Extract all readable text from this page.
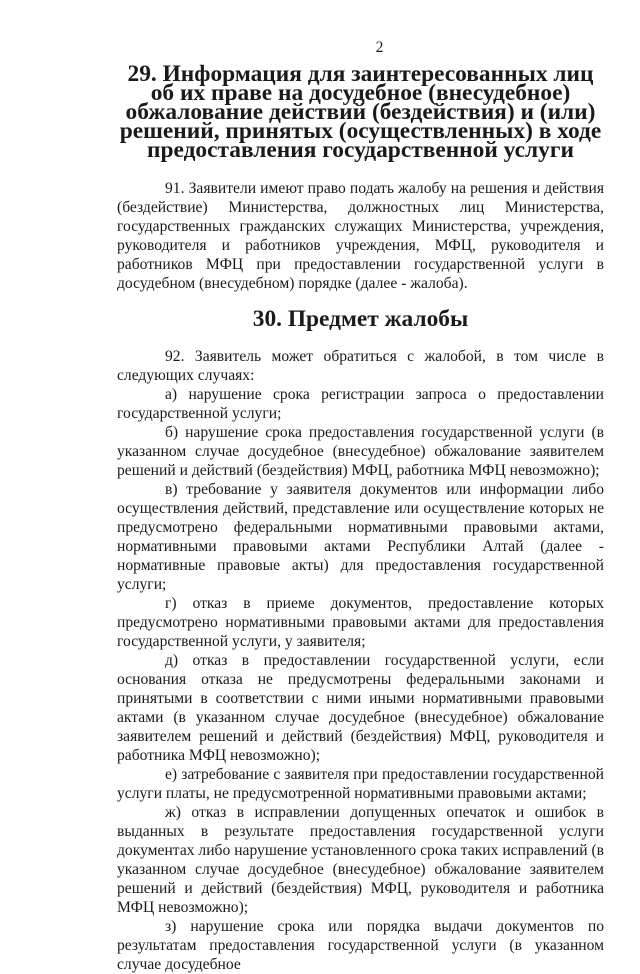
2
29. Информация для заинтересованных лиц об их праве на досудебное (внесудебное) обжалование действий (бездействия) и (или) решений, принятых (осуществленных) в ходе предоставления государственной услуги

91. Заявители имеют право подать жалобу на решения и действия (бездействие) Министерства, должностных лиц Министерства, государственных гражданских служащих Министерства, учреждения, руководителя и работников учреждения, МФЦ, руководителя и работников МФЦ при предоставлении государственной услуги в досудебном (внесудебном) порядке (далее - жалоба).

30. Предмет жалобы

92. Заявитель может обратиться с жалобой, в том числе в следующих случаях:

а) нарушение срока регистрации запроса о предоставлении государственной услуги;

б) нарушение срока предоставления государственной услуги (в указанном случае досудебное (внесудебное) обжалование заявителем решений и действий (бездействия) МФЦ, работника МФЦ невозможно);

в) требование у заявителя документов или информации либо осуществления действий, представление или осуществление которых не предусмотрено федеральными нормативными правовыми актами, нормативными правовыми актами Республики Алтай (далее - нормативные правовые акты) для предоставления государственной услуги;

г) отказ в приеме документов, предоставление которых предусмотрено нормативными правовыми актами для предоставления государственной услуги, у заявителя;

д) отказ в предоставлении государственной услуги, если основания отказа не предусмотрены федеральными законами и принятыми в соответствии с ними иными нормативными правовыми актами (в указанном случае досудебное (внесудебное) обжалование заявителем решений и действий (бездействия) МФЦ, руководителя и работника МФЦ невозможно);

е) затребование с заявителя при предоставлении государственной услуги платы, не предусмотренной нормативными правовыми актами;

ж) отказ в исправлении допущенных опечаток и ошибок в выданных в результате предоставления государственной услуги документах либо нарушение установленного срока таких исправлений (в указанном случае досудебное (внесудебное) обжалование заявителем решений и действий (бездействия) МФЦ, руководителя и работника МФЦ невозможно);

з) нарушение срока или порядка выдачи документов по результатам предоставления государственной услуги (в указанном случае досудебное
